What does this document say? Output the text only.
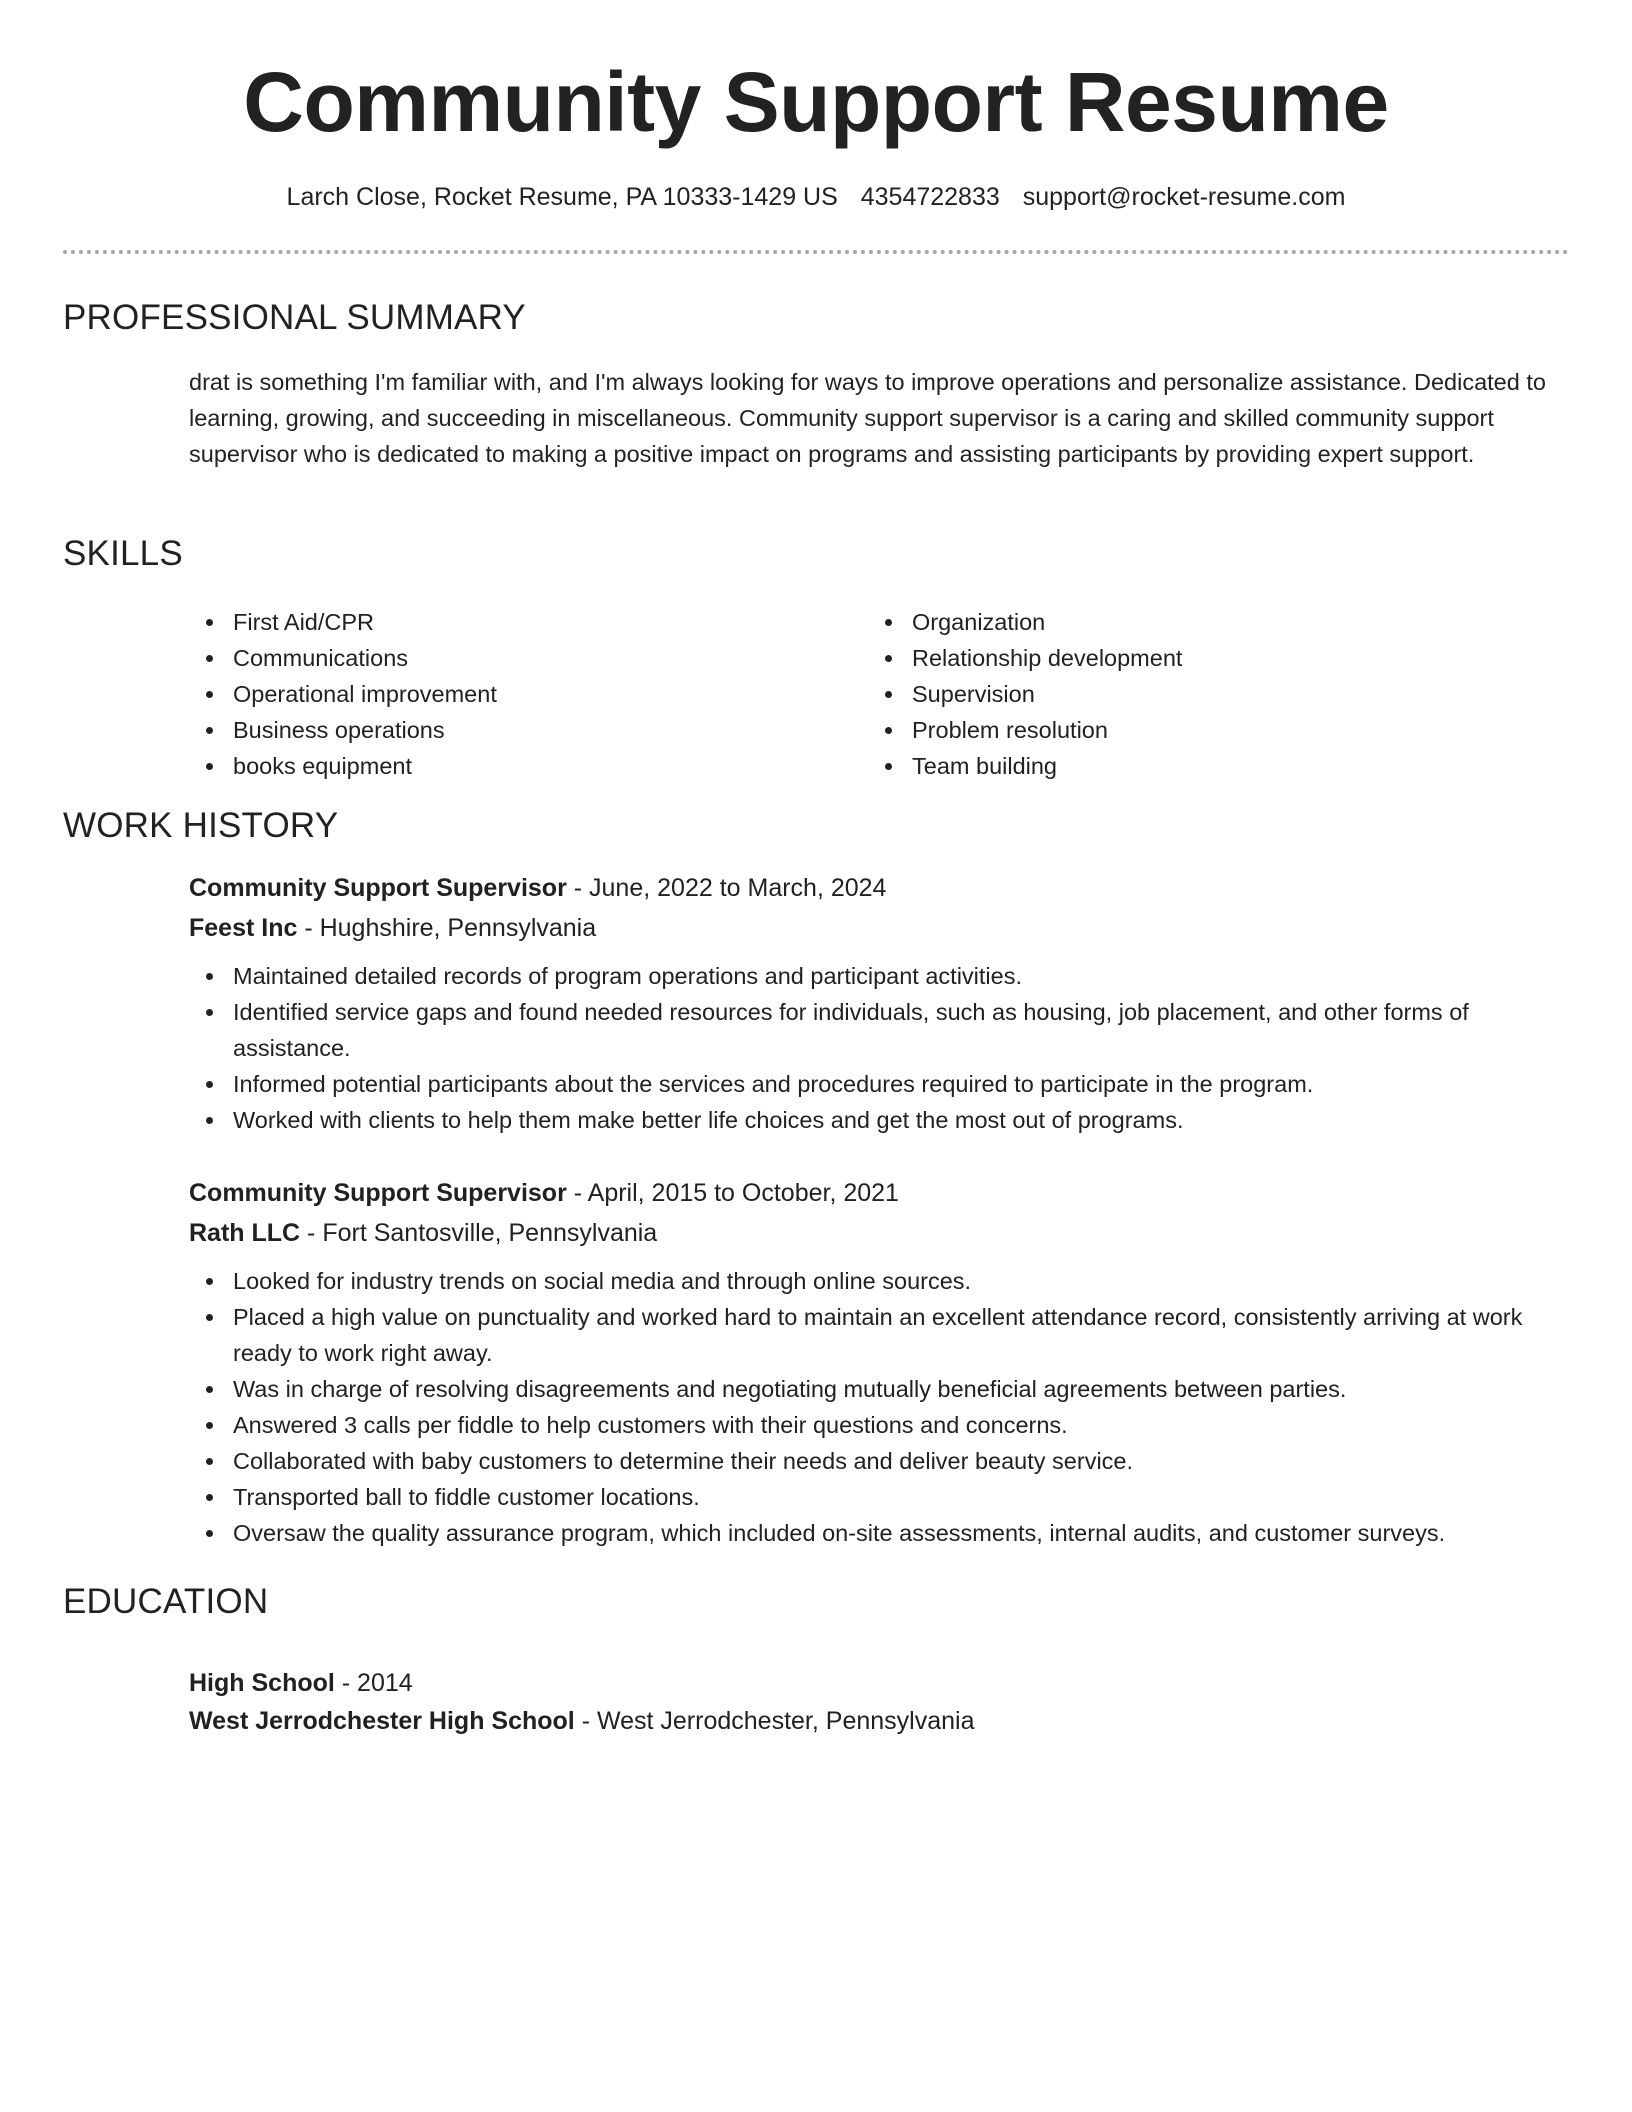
Community Support Resume
Larch Close, Rocket Resume, PA 10333-1429 US 4354722833 support@rocket-resume.com
PROFESSIONAL SUMMARY

drat is something I'm familiar with, and I'm always looking for ways to improve operations and personalize assistance. Dedicated to learning, growing, and succeeding in miscellaneous. Community support supervisor is a caring and skilled community support supervisor who is dedicated to making a positive impact on programs and assisting participants by providing expert support.

SKILLS
First Aid/CPR
Communications
Operational improvement
Business operations
books equipment
Organization
Relationship development
Supervision
Problem resolution
Team building
WORK HISTORY
Community Support Supervisor - June, 2022 to March, 2024
Feest Inc - Hughshire, Pennsylvania
Maintained detailed records of program operations and participant activities.
Identified service gaps and found needed resources for individuals, such as housing, job placement, and other forms of assistance.
Informed potential participants about the services and procedures required to participate in the program.
Worked with clients to help them make better life choices and get the most out of programs.
Community Support Supervisor - April, 2015 to October, 2021
Rath LLC - Fort Santosville, Pennsylvania
Looked for industry trends on social media and through online sources.
Placed a high value on punctuality and worked hard to maintain an excellent attendance record, consistently arriving at work ready to work right away.
Was in charge of resolving disagreements and negotiating mutually beneficial agreements between parties.
Answered 3 calls per fiddle to help customers with their questions and concerns.
Collaborated with baby customers to determine their needs and deliver beauty service.
Transported ball to fiddle customer locations.
Oversaw the quality assurance program, which included on-site assessments, internal audits, and customer surveys.
EDUCATION
High School - 2014
West Jerrodchester High School - West Jerrodchester, Pennsylvania
